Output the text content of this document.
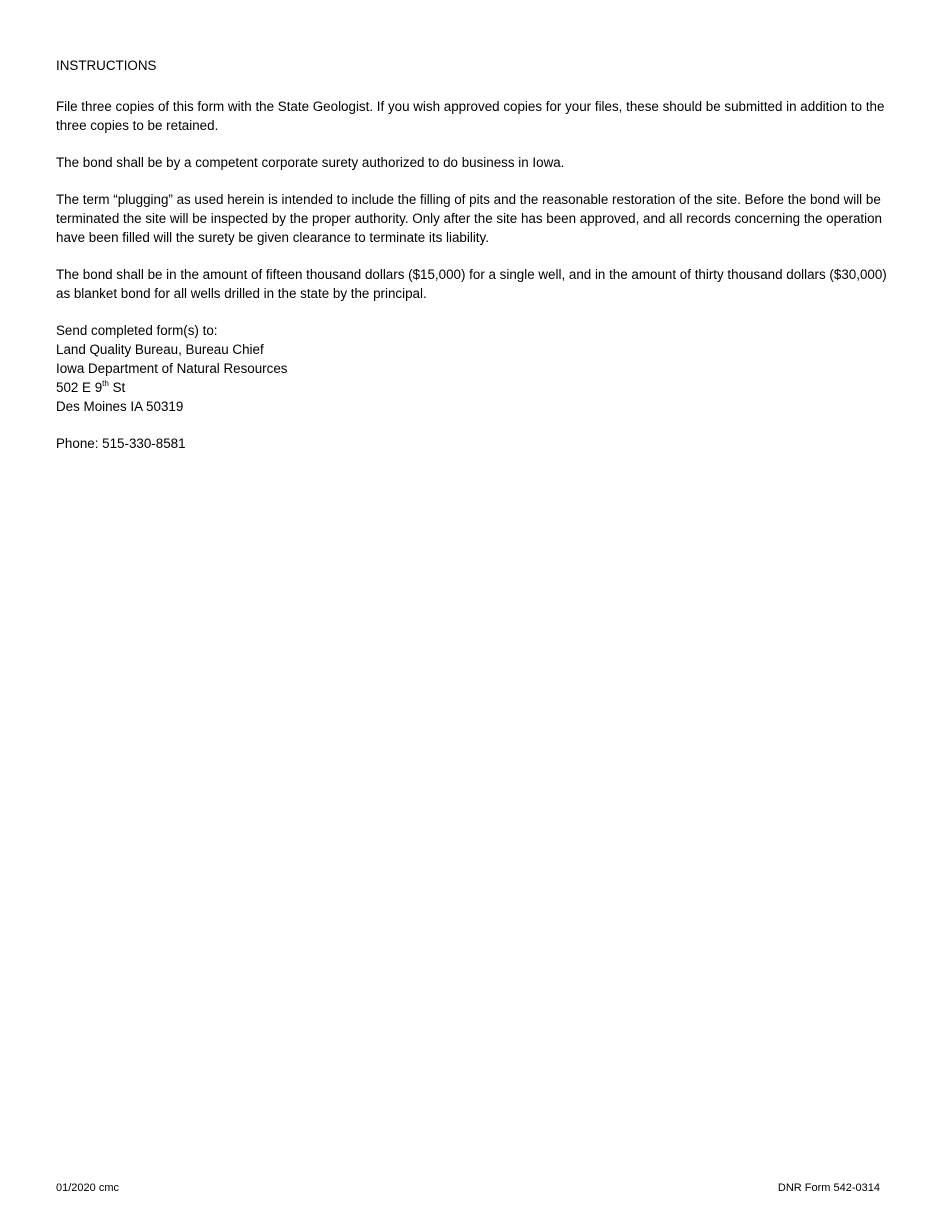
INSTRUCTIONS

File three copies of this form with the State Geologist. If you wish approved copies for your files, these should be submitted in addition to the three copies to be retained.

The bond shall be by a competent corporate surety authorized to do business in Iowa.

The term “plugging” as used herein is intended to include the filling of pits and the reasonable restoration of the site. Before the bond will be terminated the site will be inspected by the proper authority. Only after the site has been approved, and all records concerning the operation have been filled will the surety be given clearance to terminate its liability.

The bond shall be in the amount of fifteen thousand dollars ($15,000) for a single well, and in the amount of thirty thousand dollars ($30,000) as blanket bond for all wells drilled in the state by the principal.

Send completed form(s) to:
Land Quality Bureau, Bureau Chief
Iowa Department of Natural Resources
502 E 9th St
Des Moines IA 50319
Phone: 515-330-8581
01/2020 cmc	DNR Form 542-0314
